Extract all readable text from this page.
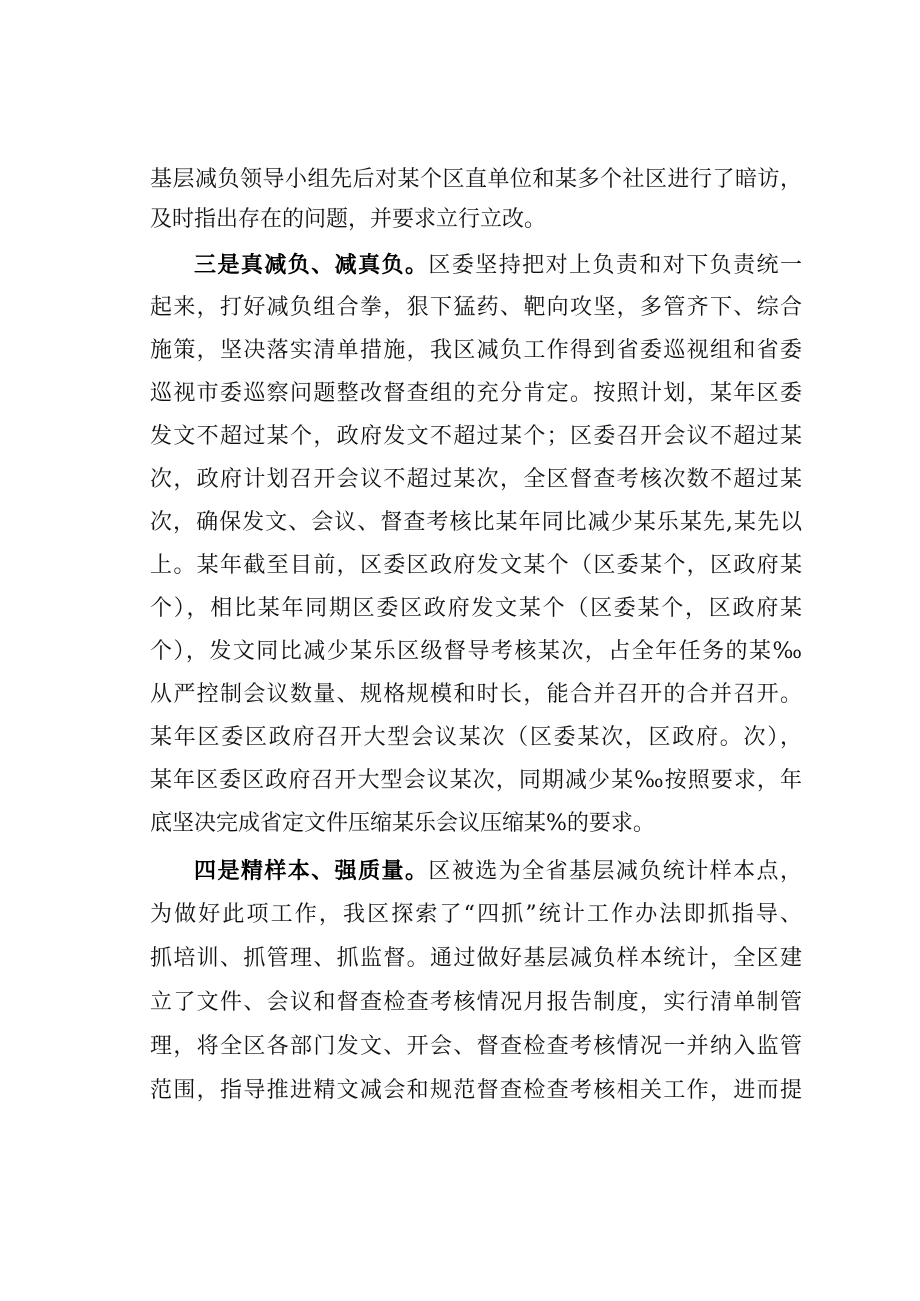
基层减负领导小组先后对某个区直单位和某多个社区进行了暗访，
及时指出存在的问题，并要求立行立改。
三是真减负、减真负。区委坚持把对上负责和对下负责统一
起来，打好减负组合拳，狠下猛药、靶向攻坚，多管齐下、综合
施策，坚决落实清单措施，我区减负工作得到省委巡视组和省委
巡视市委巡察问题整改督查组的充分肯定。按照计划，某年区委
发文不超过某个，政府发文不超过某个；区委召开会议不超过某
次，政府计划召开会议不超过某次，全区督查考核次数不超过某
次，确保发文、会议、督查考核比某年同比减少某乐某先,某先以
上。某年截至目前，区委区政府发文某个（区委某个，区政府某
个），相比某年同期区委区政府发文某个（区委某个，区政府某
个），发文同比减少某乐区级督导考核某次，占全年任务的某‰
从严控制会议数量、规格规模和时长，能合并召开的合并召开。
某年区委区政府召开大型会议某次（区委某次，区政府。次），
某年区委区政府召开大型会议某次，同期减少某‰按照要求，年
底坚决完成省定文件压缩某乐会议压缩某%的要求。
四是精样本、强质量。区被选为全省基层减负统计样本点，
为做好此项工作，我区探索了“四抓”统计工作办法即抓指导、
抓培训、抓管理、抓监督。通过做好基层减负样本统计，全区建
立了文件、会议和督查检查考核情况月报告制度，实行清单制管
理，将全区各部门发文、开会、督查检查考核情况一并纳入监管
范围，指导推进精文减会和规范督查检查考核相关工作，进而提
